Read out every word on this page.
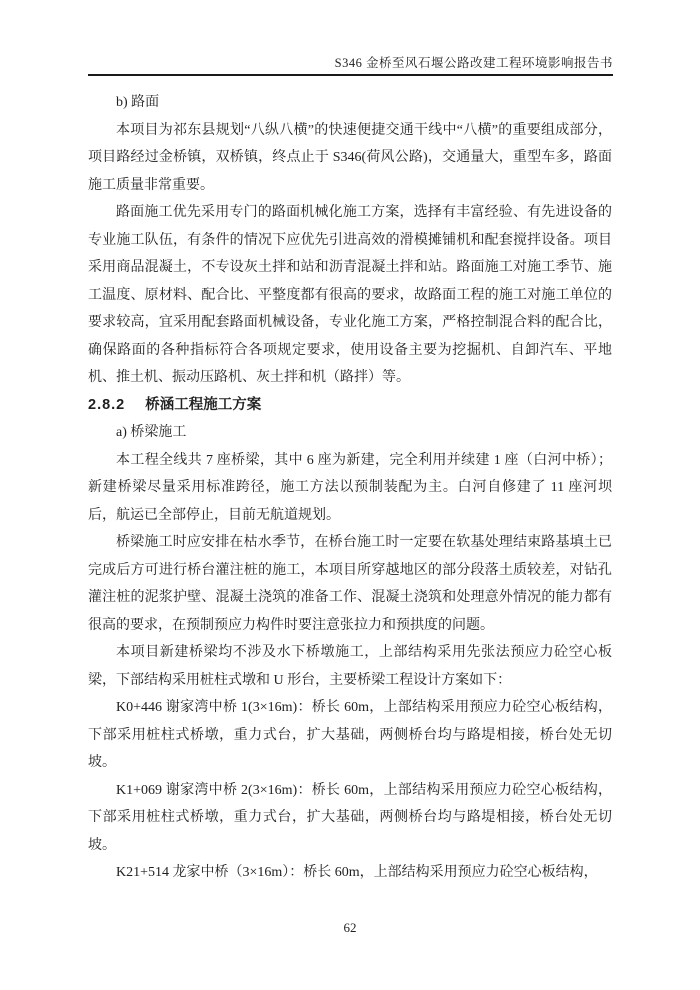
S346 金桥至风石堰公路改建工程环境影响报告书

b) 路面

本项目为祁东县规划“八纵八横”的快速便捷交通干线中“八横”的重要组成部分，项目路经过金桥镇，双桥镇，终点止于 S346(荷风公路)，交通量大，重型车多，路面施工质量非常重要。

路面施工优先采用专门的路面机械化施工方案，选择有丰富经验、有先进设备的专业施工队伍，有条件的情况下应优先引进高效的滑模摊铺机和配套搅拌设备。项目采用商品混凝土，不专设灰土拌和站和沥青混凝土拌和站。路面施工对施工季节、施工温度、原材料、配合比、平整度都有很高的要求，故路面工程的施工对施工单位的要求较高，宜采用配套路面机械设备，专业化施工方案，严格控制混合料的配合比，确保路面的各种指标符合各项规定要求，使用设备主要为挖掘机、自卸汽车、平地机、推土机、振动压路机、灰土拌和机（路拌）等。

2.8.2 桥涵工程施工方案

a) 桥梁施工

本工程全线共 7 座桥梁，其中 6 座为新建，完全利用并续建 1 座（白河中桥）；新建桥梁尽量采用标准跨径，施工方法以预制装配为主。白河自修建了 11 座河坝后，航运已全部停止，目前无航道规划。

桥梁施工时应安排在枯水季节，在桥台施工时一定要在软基处理结束路基填土已完成后方可进行桥台灌注桩的施工，本项目所穿越地区的部分段落土质较差，对钻孔灌注桩的泥浆护壁、混凝土浇筑的准备工作、混凝土浇筑和处理意外情况的能力都有很高的要求，在预制预应力构件时要注意张拉力和预拱度的问题。

本项目新建桥梁均不涉及水下桥墩施工，上部结构采用先张法预应力砼空心板梁，下部结构采用桩柱式墩和 U 形台，主要桥梁工程设计方案如下：

K0+446 谢家湾中桥 1(3×16m)：桥长 60m，上部结构采用预应力砼空心板结构，下部采用桩柱式桥墩，重力式台，扩大基础，两侧桥台均与路堤相接，桥台处无切坡。

K1+069 谢家湾中桥 2(3×16m)：桥长 60m，上部结构采用预应力砼空心板结构，下部采用桩柱式桥墩，重力式台，扩大基础，两侧桥台均与路堤相接，桥台处无切坡。

K21+514 龙家中桥（3×16m）：桥长 60m，上部结构采用预应力砼空心板结构，

62
